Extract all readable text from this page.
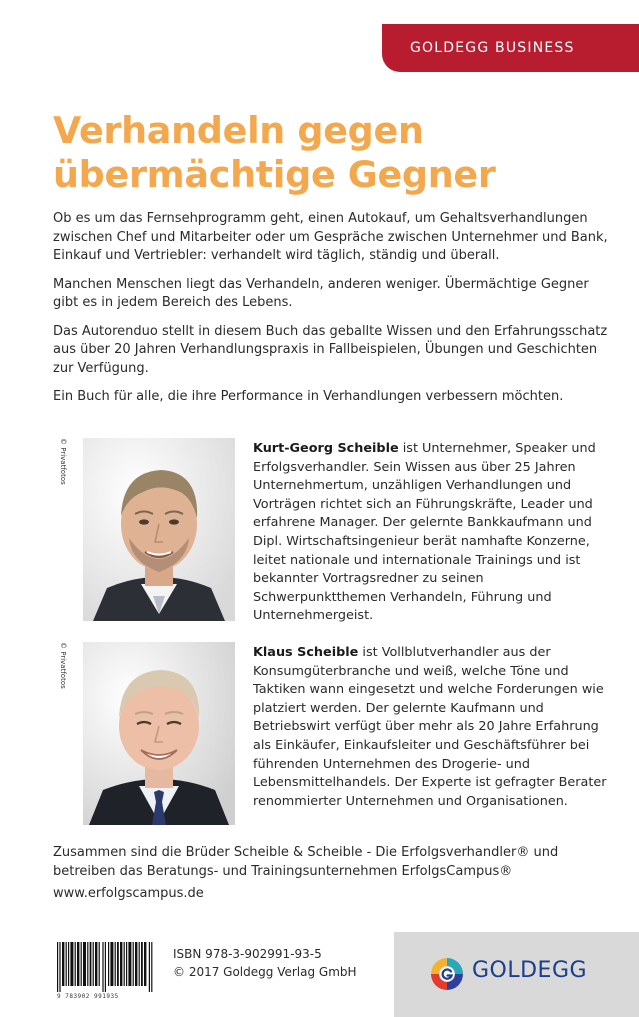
GOLDEGG BUSINESS
Verhandeln gegen
übermächtige Gegner

Ob es um das Fernsehprogramm geht, einen Autokauf, um Gehaltsverhandlungen zwischen Chef und Mitarbeiter oder um Gespräche zwischen Unternehmer und Bank, Einkauf und Vertriebler: verhandelt wird täglich, ständig und überall.

Manchen Menschen liegt das Verhandeln, anderen weniger. Übermächtige Gegner gibt es in jedem Bereich des Lebens.

Das Autorenduo stellt in diesem Buch das geballte Wissen und den Erfahrungsschatz aus über 20 Jahren Verhandlungspraxis in Fallbeispielen, Übungen und Geschichten zur Verfügung.

Ein Buch für alle, die ihre Performance in Verhandlungen verbessern möchten.

© Privatfotos	Kurt-Georg Scheible ist Unternehmer, Speaker und Erfolgsverhandler. Sein Wissen aus über 25 Jahren Unternehmertum, unzähligen Verhandlungen und Vorträgen richtet sich an Führungskräfte, Leader und erfahrene Manager. Der gelernte Bankkaufmann und Dipl. Wirtschaftsingenieur berät namhafte Konzerne, leitet nationale und internationale Trainings und ist bekannter Vortragsredner zu seinen Schwerpunktthemen Verhandeln, Führung und Unternehmergeist.

© Privatfotos	Klaus Scheible ist Vollblutverhandler aus der Konsumgüterbranche und weiß, welche Töne und Taktiken wann eingesetzt und welche Forderungen wie platziert werden. Der gelernte Kaufmann und Betriebswirt verfügt über mehr als 20 Jahre Erfahrung als Einkäufer, Einkaufsleiter und Geschäftsführer bei führenden Unternehmen des Drogerie- und Lebensmittelhandels. Der Experte ist gefragter Berater renommierter Unternehmen und Organisationen.

Zusammen sind die Brüder Scheible & Scheible - Die Erfolgsverhandler® und betreiben das Beratungs- und Trainingsunternehmen ErfolgsCampus®

www.erfolgscampus.de
9 783902 991935
ISBN 978-3-902991-93-5
© 2017 Goldegg Verlag GmbH	GOLDEGG
